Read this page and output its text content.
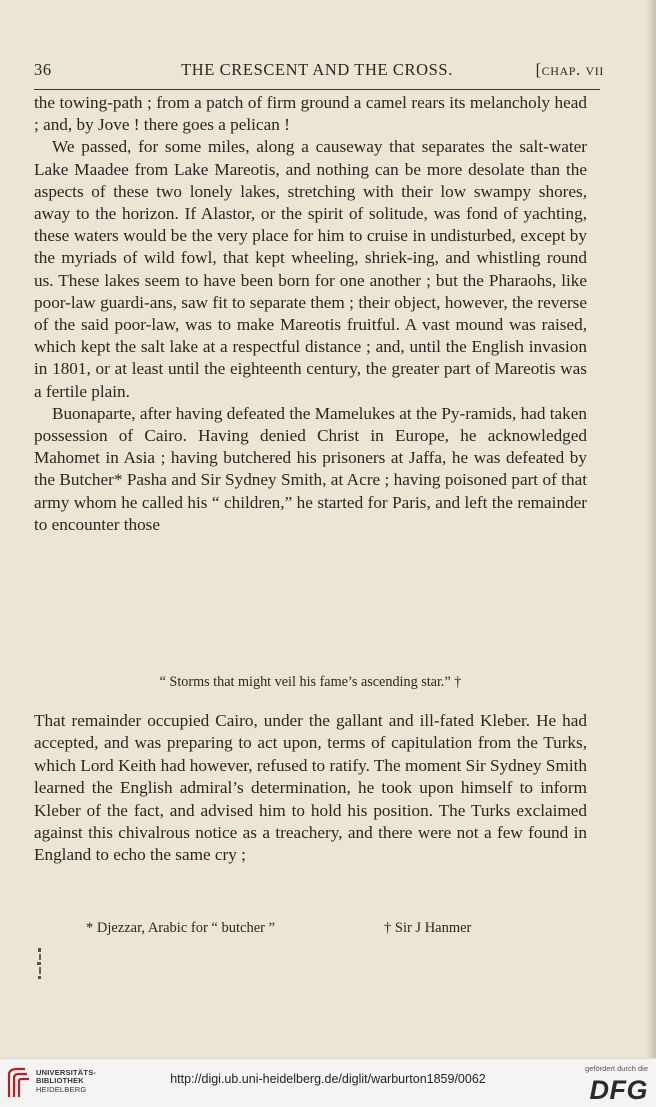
36	THE CRESCENT AND THE CROSS.	[chap. vii

the towing-path ; from a patch of firm ground a camel rears its melancholy head ; and, by Jove ! there goes a pelican !

We passed, for some miles, along a causeway that separates the salt-water Lake Maadee from Lake Mareotis, and nothing can be more desolate than the aspects of these two lonely lakes, stretching with their low swampy shores, away to the horizon. If Alastor, or the spirit of solitude, was fond of yachting, these waters would be the very place for him to cruise in undisturbed, except by the myriads of wild fowl, that kept wheeling, shriek-ing, and whistling round us. These lakes seem to have been born for one another ; but the Pharaohs, like poor-law guardi-ans, saw fit to separate them ; their object, however, the reverse of the said poor-law, was to make Mareotis fruitful. A vast mound was raised, which kept the salt lake at a respectful distance ; and, until the English invasion in 1801, or at least until the eighteenth century, the greater part of Mareotis was a fertile plain.

Buonaparte, after having defeated the Mamelukes at the Py-ramids, had taken possession of Cairo. Having denied Christ in Europe, he acknowledged Mahomet in Asia ; having butchered his prisoners at Jaffa, he was defeated by the Butcher* Pasha and Sir Sydney Smith, at Acre ; having poisoned part of that army whom he called his “ children,” he started for Paris, and left the remainder to encounter those

“ Storms that might veil his fame’s ascending star.” †

That remainder occupied Cairo, under the gallant and ill-fated Kleber. He had accepted, and was preparing to act upon, terms of capitulation from the Turks, which Lord Keith had however, refused to ratify. The moment Sir Sydney Smith learned the English admiral’s determination, he took upon himself to inform Kleber of the fact, and advised him to hold his position. The Turks exclaimed against this chivalrous notice as a treachery, and there were not a few found in England to echo the same cry ;

* Djezzar, Arabic for “ butcher ”	† Sir J Hanmer
UNIVERSITÄTS-
BIBLIOTHEK
HEIDELBERG
http://digi.ub.uni-heidelberg.de/diglit/warburton1859/0062
gefördert durch die
DFG
